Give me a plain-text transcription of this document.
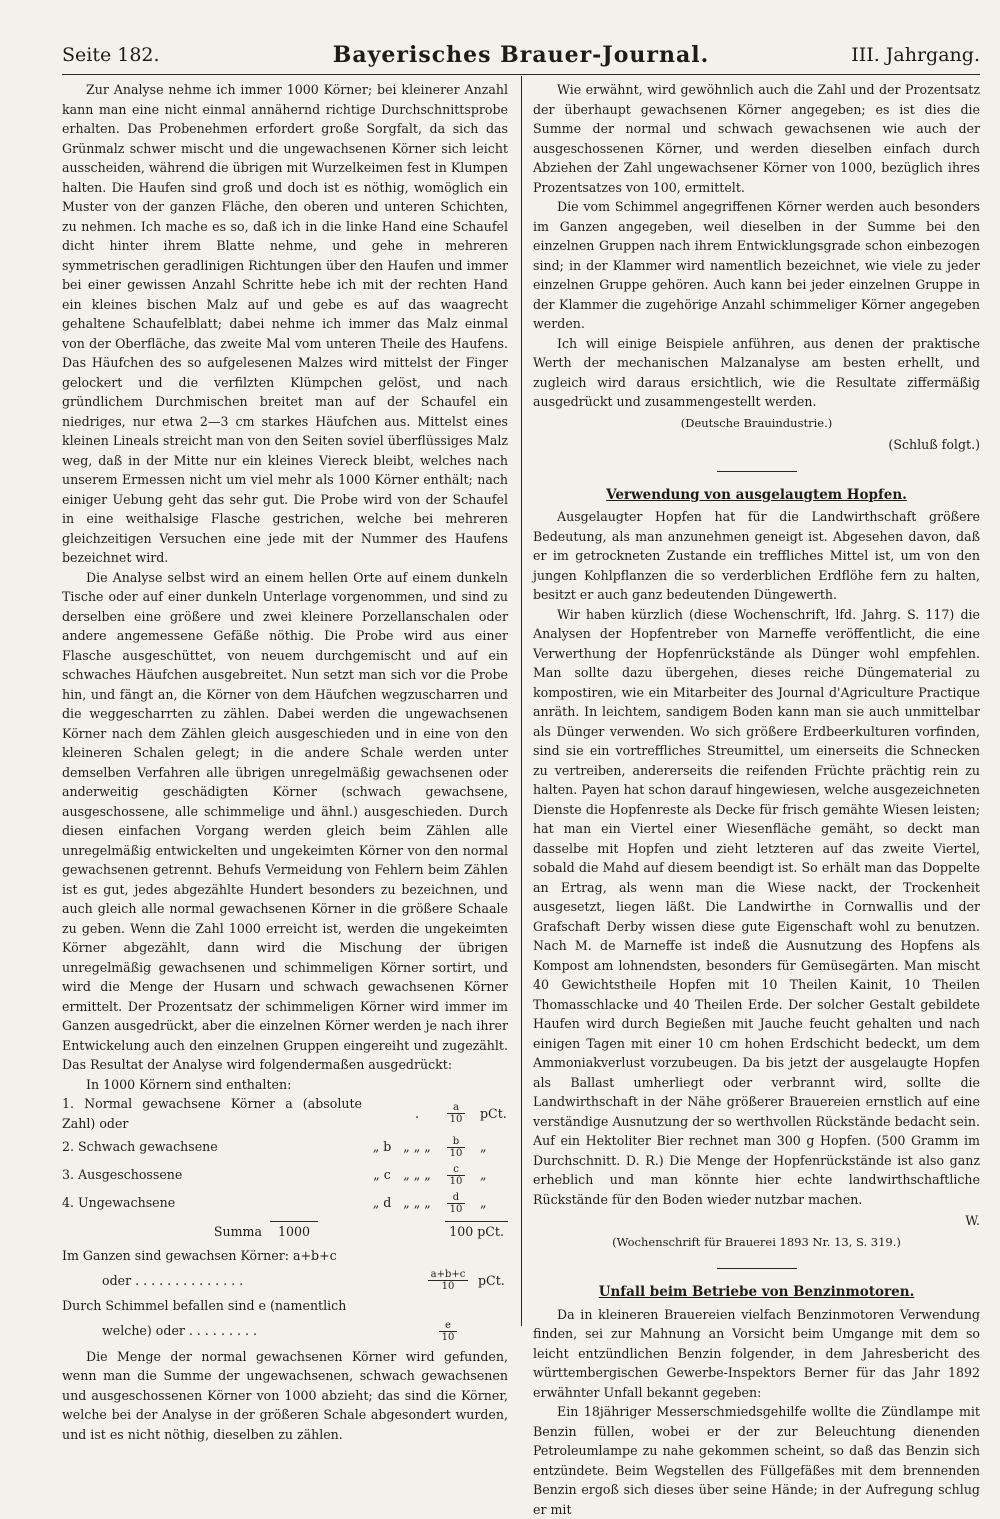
Seite 182.	Bayerisches Brauer-Journal.	III. Jahrgang.

Zur Analyse nehme ich immer 1000 Körner; bei kleinerer Anzahl kann man eine nicht einmal annähernd richtige Durchschnittsprobe erhalten. Das Probenehmen erfordert große Sorgfalt, da sich das Grünmalz schwer mischt und die ungewachsenen Körner sich leicht ausscheiden, während die übrigen mit Wurzelkeimen fest in Klumpen halten. Die Haufen sind groß und doch ist es nöthig, womöglich ein Muster von der ganzen Fläche, den oberen und unteren Schichten, zu nehmen. Ich mache es so, daß ich in die linke Hand eine Schaufel dicht hinter ihrem Blatte nehme, und gehe in mehreren symmetrischen geradlinigen Richtungen über den Haufen und immer bei einer gewissen Anzahl Schritte hebe ich mit der rechten Hand ein kleines bischen Malz auf und gebe es auf das waagrecht gehaltene Schaufelblatt; dabei nehme ich immer das Malz einmal von der Oberfläche, das zweite Mal vom unteren Theile des Haufens. Das Häufchen des so aufgelesenen Malzes wird mittelst der Finger gelockert und die verfilzten Klümpchen gelöst, und nach gründlichem Durchmischen breitet man auf der Schaufel ein niedriges, nur etwa 2—3 cm starkes Häufchen aus. Mittelst eines kleinen Lineals streicht man von den Seiten soviel überflüssiges Malz weg, daß in der Mitte nur ein kleines Viereck bleibt, welches nach unserem Ermessen nicht um viel mehr als 1000 Körner enthält; nach einiger Uebung geht das sehr gut. Die Probe wird von der Schaufel in eine weithalsige Flasche gestrichen, welche bei mehreren gleichzeitigen Versuchen eine jede mit der Nummer des Haufens bezeichnet wird.

Die Analyse selbst wird an einem hellen Orte auf einem dunkeln Tische oder auf einer dunkeln Unterlage vorgenommen, und sind zu derselben eine größere und zwei kleinere Porzellanschalen oder andere angemessene Gefäße nöthig. Die Probe wird aus einer Flasche ausgeschüttet, von neuem durchgemischt und auf ein schwaches Häufchen ausgebreitet. Nun setzt man sich vor die Probe hin, und fängt an, die Körner von dem Häufchen wegzuscharren und die weggescharrten zu zählen. Dabei werden die ungewachsenen Körner nach dem Zählen gleich ausgeschieden und in eine von den kleineren Schalen gelegt; in die andere Schale werden unter demselben Verfahren alle übrigen unregelmäßig gewachsenen oder anderweitig geschädigten Körner (schwach gewachsene, ausgeschossene, alle schimmelige und ähnl.) ausgeschieden. Durch diesen einfachen Vorgang werden gleich beim Zählen alle unregelmäßig entwickelten und ungekeimten Körner von den normal gewachsenen getrennt. Behufs Vermeidung von Fehlern beim Zählen ist es gut, jedes abgezählte Hundert besonders zu bezeichnen, und auch gleich alle normal gewachsenen Körner in die größere Schaale zu geben. Wenn die Zahl 1000 erreicht ist, werden die ungekeimten Körner abgezählt, dann wird die Mischung der übrigen unregelmäßig gewachsenen und schimmeligen Körner sortirt, und wird die Menge der Husarn und schwach gewachsenen Körner ermittelt. Der Prozentsatz der schimmeligen Körner wird immer im Ganzen ausgedrückt, aber die einzelnen Körner werden je nach ihrer Entwickelung auch den einzelnen Gruppen eingereiht und zugezählt. Das Resultat der Analyse wird folgendermaßen ausgedrückt:

In 1000 Körnern sind enthalten:

1. Normal gewachsene Körner a (absolute Zahl) oder		.	$\frac{a}{10}$	pCt.
2. Schwach gewachsene	„ b	„ „ „	$\frac{b}{10}$	„
3. Ausgeschossene	„ c	„ „ „	$\frac{c}{10}$	„
4. Ungewachsene	„ d	„ „ „	$\frac{d}{10}$	„
Summa	1000	100 pCt.
Im Ganzen sind gewachsen Körner: a+b+c
oder . . . . . . . . . . . . . .	$\frac{a+b+c}{10}$ pCt.
Durch Schimmel befallen sind e (namentlich
welche) oder . . . . . . . . .	$\frac{e}{10}$

Die Menge der normal gewachsenen Körner wird gefunden, wenn man die Summe der ungewachsenen, schwach gewachsenen und ausgeschossenen Körner von 1000 abzieht; das sind die Körner, welche bei der Analyse in der größeren Schale abgesondert wurden, und ist es nicht nöthig, dieselben zu zählen.

Wie erwähnt, wird gewöhnlich auch die Zahl und der Prozentsatz der überhaupt gewachsenen Körner angegeben; es ist dies die Summe der normal und schwach gewachsenen wie auch der ausgeschossenen Körner, und werden dieselben einfach durch Abziehen der Zahl ungewachsener Körner von 1000, bezüglich ihres Prozentsatzes von 100, ermittelt.

Die vom Schimmel angegriffenen Körner werden auch besonders im Ganzen angegeben, weil dieselben in der Summe bei den einzelnen Gruppen nach ihrem Entwicklungsgrade schon einbezogen sind; in der Klammer wird namentlich bezeichnet, wie viele zu jeder einzelnen Gruppe gehören. Auch kann bei jeder einzelnen Gruppe in der Klammer die zugehörige Anzahl schimmeliger Körner angegeben werden.

Ich will einige Beispiele anführen, aus denen der praktische Werth der mechanischen Malzanalyse am besten erhellt, und zugleich wird daraus ersichtlich, wie die Resultate ziffermäßig ausgedrückt und zusammengestellt werden.

(Deutsche Brauindustrie.)
(Schluß folgt.)
Verwendung von ausgelaugtem Hopfen.

Ausgelaugter Hopfen hat für die Landwirthschaft größere Bedeutung, als man anzunehmen geneigt ist. Abgesehen davon, daß er im getrockneten Zustande ein treffliches Mittel ist, um von den jungen Kohlpflanzen die so verderblichen Erdflöhe fern zu halten, besitzt er auch ganz bedeutenden Düngewerth.

Wir haben kürzlich (diese Wochenschrift, lfd. Jahrg. S. 117) die Analysen der Hopfentreber von Marneffe veröffentlicht, die eine Verwerthung der Hopfenrückstände als Dünger wohl empfehlen. Man sollte dazu übergehen, dieses reiche Düngematerial zu kompostiren, wie ein Mitarbeiter des Journal d'Agriculture Practique anräth. In leichtem, sandigem Boden kann man sie auch unmittelbar als Dünger verwenden. Wo sich größere Erdbeerkulturen vorfinden, sind sie ein vortreffliches Streumittel, um einerseits die Schnecken zu vertreiben, andererseits die reifenden Früchte prächtig rein zu halten. Payen hat schon darauf hingewiesen, welche ausgezeichneten Dienste die Hopfenreste als Decke für frisch gemähte Wiesen leisten; hat man ein Viertel einer Wiesenfläche gemäht, so deckt man dasselbe mit Hopfen und zieht letzteren auf das zweite Viertel, sobald die Mahd auf diesem beendigt ist. So erhält man das Doppelte an Ertrag, als wenn man die Wiese nackt, der Trockenheit ausgesetzt, liegen läßt. Die Landwirthe in Cornwallis und der Grafschaft Derby wissen diese gute Eigenschaft wohl zu benutzen. Nach M. de Marneffe ist indeß die Ausnutzung des Hopfens als Kompost am lohnendsten, besonders für Gemüsegärten. Man mischt 40 Gewichtstheile Hopfen mit 10 Theilen Kainit, 10 Theilen Thomasschlacke und 40 Theilen Erde. Der solcher Gestalt gebildete Haufen wird durch Begießen mit Jauche feucht gehalten und nach einigen Tagen mit einer 10 cm hohen Erdschicht bedeckt, um dem Ammoniakverlust vorzubeugen. Da bis jetzt der ausgelaugte Hopfen als Ballast umherliegt oder verbrannt wird, sollte die Landwirthschaft in der Nähe größerer Brauereien ernstlich auf eine verständige Ausnutzung der so werthvollen Rückstände bedacht sein. Auf ein Hektoliter Bier rechnet man 300 g Hopfen. (500 Gramm im Durchschnitt. D. R.) Die Menge der Hopfenrückstände ist also ganz erheblich und man könnte hier echte landwirthschaftliche Rückstände für den Boden wieder nutzbar machen.

W.
(Wochenschrift für Brauerei 1893 Nr. 13, S. 319.)
Unfall beim Betriebe von Benzinmotoren.

Da in kleineren Brauereien vielfach Benzinmotoren Verwendung finden, sei zur Mahnung an Vorsicht beim Umgange mit dem so leicht entzündlichen Benzin folgender, in dem Jahresbericht des württembergischen Gewerbe-Inspektors Berner für das Jahr 1892 erwähnter Unfall bekannt gegeben:

Ein 18jähriger Messerschmiedsgehilfe wollte die Zündlampe mit Benzin füllen, wobei er der zur Beleuchtung dienenden Petroleumlampe zu nahe gekommen scheint, so daß das Benzin sich entzündete. Beim Wegstellen des Füllgefäßes mit dem brennenden Benzin ergoß sich dieses über seine Hände; in der Aufregung schlug er mit
